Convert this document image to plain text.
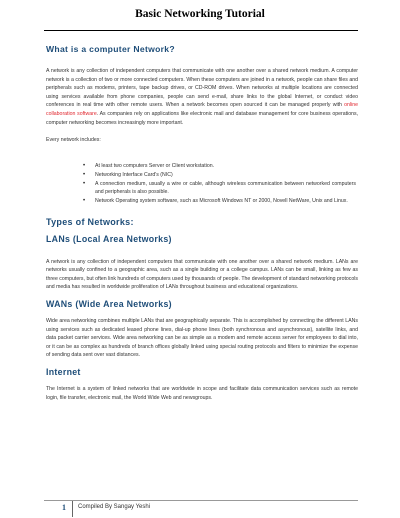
Basic Networking Tutorial
What is a computer Network?

A network is any collection of independent computers that communicate with one another over a shared network medium. A computer network is a collection of two or more connected computers. When these computers are joined in a network, people can share files and peripherals such as modems, printers, tape backup drives, or CD-ROM drives. When networks at multiple locations are connected using services available from phone companies, people can send e-mail, share links to the global Internet, or conduct video conferences in real time with other remote users. When a network becomes open sourced it can be managed properly with online collaboration software. As companies rely on applications like electronic mail and database management for core business operations, computer networking becomes increasingly more important.

Every network includes:

• At least two computers Server or Client workstation.
• Networking Interface Card's (NIC)
• A connection medium, usually a wire or cable, although wireless communication between networked computers and peripherals is also possible.
• Network Operating system software, such as Microsoft Windows NT or 2000, Novell NetWare, Unix and Linux.
Types of Networks:
LANs (Local Area Networks)

A network is any collection of independent computers that communicate with one another over a shared network medium. LANs are networks usually confined to a geographic area, such as a single building or a college campus. LANs can be small, linking as few as three computers, but often link hundreds of computers used by thousands of people. The development of standard networking protocols and media has resulted in worldwide proliferation of LANs throughout business and educational organizations.

WANs (Wide Area Networks)

Wide area networking combines multiple LANs that are geographically separate. This is accomplished by connecting the different LANs using services such as dedicated leased phone lines, dial-up phone lines (both synchronous and asynchronous), satellite links, and data packet carrier services. Wide area networking can be as simple as a modem and remote access server for employees to dial into, or it can be as complex as hundreds of branch offices globally linked using special routing protocols and filters to minimize the expense of sending data sent over vast distances.

Internet

The Internet is a system of linked networks that are worldwide in scope and facilitate data communication services such as remote login, file transfer, electronic mail, the World Wide Web and newsgroups.

1 Compiled By Sangay Yeshi
